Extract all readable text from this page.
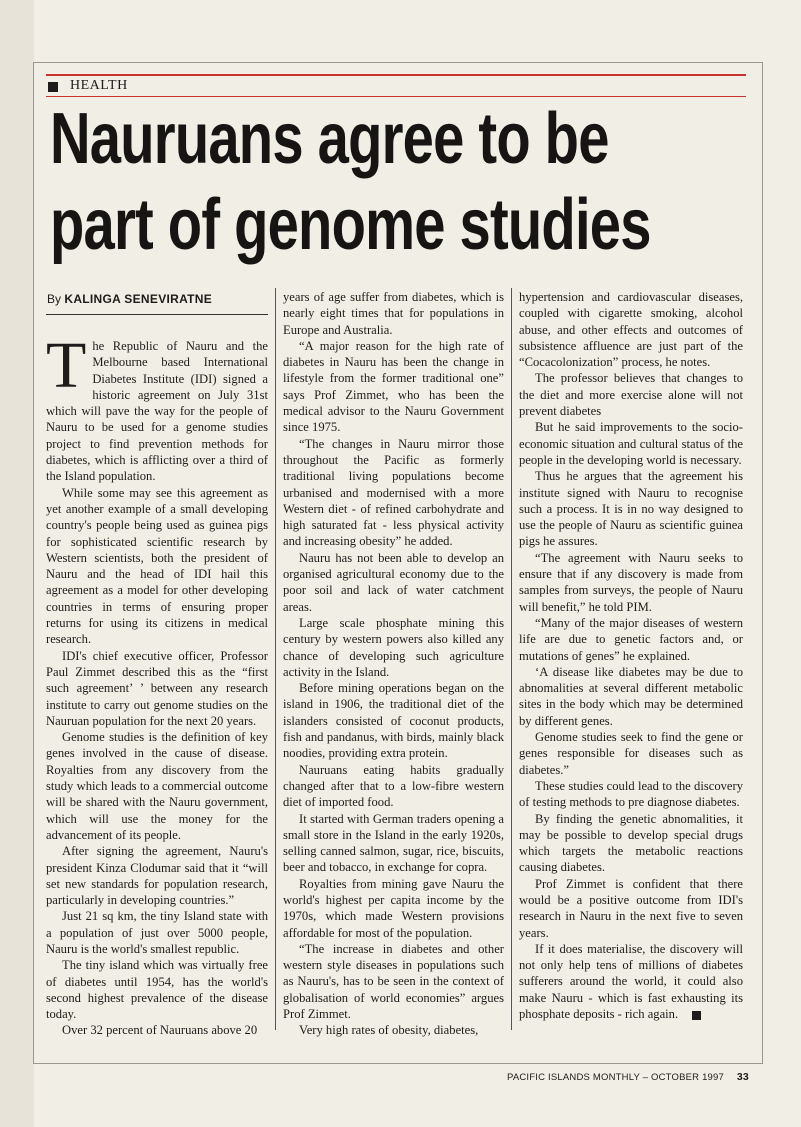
HEALTH
Nauruans agree to be
part of genome studies
By KALINGA SENEVIRATNE

The Republic of Nauru and the Melbourne based International Diabetes Institute (IDI) signed a historic agreement on July 31st which will pave the way for the people of Nauru to be used for a genome studies project to find prevention methods for diabetes, which is afflicting over a third of the Island population.

While some may see this agreement as yet another example of a small developing country's people being used as guinea pigs for sophisticated scientific research by Western scientists, both the president of Nauru and the head of IDI hail this agreement as a model for other developing countries in terms of ensuring proper returns for using its citizens in medical research.

IDI's chief executive officer, Professor Paul Zimmet described this as the “first such agreement’ ’ between any research institute to carry out genome studies on the Nauruan population for the next 20 years.

Genome studies is the definition of key genes involved in the cause of disease. Royalties from any discovery from the study which leads to a commercial outcome will be shared with the Nauru government, which will use the money for the advancement of its people.

After signing the agreement, Nauru's president Kinza Clodumar said that it “will set new standards for population research, particularly in developing countries.”

Just 21 sq km, the tiny Island state with a population of just over 5000 people, Nauru is the world's smallest republic.

The tiny island which was virtually free of diabetes until 1954, has the world's second highest prevalence of the disease today.

Over 32 percent of Nauruans above 20

years of age suffer from diabetes, which is nearly eight times that for populations in Europe and Australia.

“A major reason for the high rate of diabetes in Nauru has been the change in lifestyle from the former traditional one” says Prof Zimmet, who has been the medical advisor to the Nauru Government since 1975.

“The changes in Nauru mirror those throughout the Pacific as formerly traditional living populations become urbanised and modernised with a more Western diet - of refined carbohydrate and high saturated fat - less physical activity and increasing obesity” he added.

Nauru has not been able to develop an organised agricultural economy due to the poor soil and lack of water catchment areas.

Large scale phosphate mining this century by western powers also killed any chance of developing such agriculture activity in the Island.

Before mining operations began on the island in 1906, the traditional diet of the islanders consisted of coconut products, fish and pandanus, with birds, mainly black noodies, providing extra protein.

Nauruans eating habits gradually changed after that to a low-fibre western diet of imported food.

It started with German traders opening a small store in the Island in the early 1920s, selling canned salmon, sugar, rice, biscuits, beer and tobacco, in exchange for copra.

Royalties from mining gave Nauru the world's highest per capita income by the 1970s, which made Western provisions affordable for most of the population.

“The increase in diabetes and other western style diseases in populations such as Nauru's, has to be seen in the context of globalisation of world economies” argues Prof Zimmet.

Very high rates of obesity, diabetes,

hypertension and cardiovascular diseases, coupled with cigarette smoking, alcohol abuse, and other effects and outcomes of subsistence affluence are just part of the “Cocacolonization” process, he notes.

The professor believes that changes to the diet and more exercise alone will not prevent diabetes

But he said improvements to the socio-economic situation and cultural status of the people in the developing world is necessary.

Thus he argues that the agreement his institute signed with Nauru to recognise such a process. It is in no way designed to use the people of Nauru as scientific guinea pigs he assures.

“The agreement with Nauru seeks to ensure that if any discovery is made from samples from surveys, the people of Nauru will benefit,” he told PIM.

“Many of the major diseases of western life are due to genetic factors and, or mutations of genes” he explained.

‘A disease like diabetes may be due to abnomalities at several different metabolic sites in the body which may be determined by different genes.

Genome studies seek to find the gene or genes responsible for diseases such as diabetes.”

These studies could lead to the discovery of testing methods to pre diagnose diabetes.

By finding the genetic abnomalities, it may be possible to develop special drugs which targets the metabolic reactions causing diabetes.

Prof Zimmet is confident that there would be a positive outcome from IDI's research in Nauru in the next five to seven years.

If it does materialise, the discovery will not only help tens of millions of diabetes sufferers around the world, it could also make Nauru - which is fast exhausting its phosphate deposits - rich again.

PACIFIC ISLANDS MONTHLY – OCTOBER 1997 33
